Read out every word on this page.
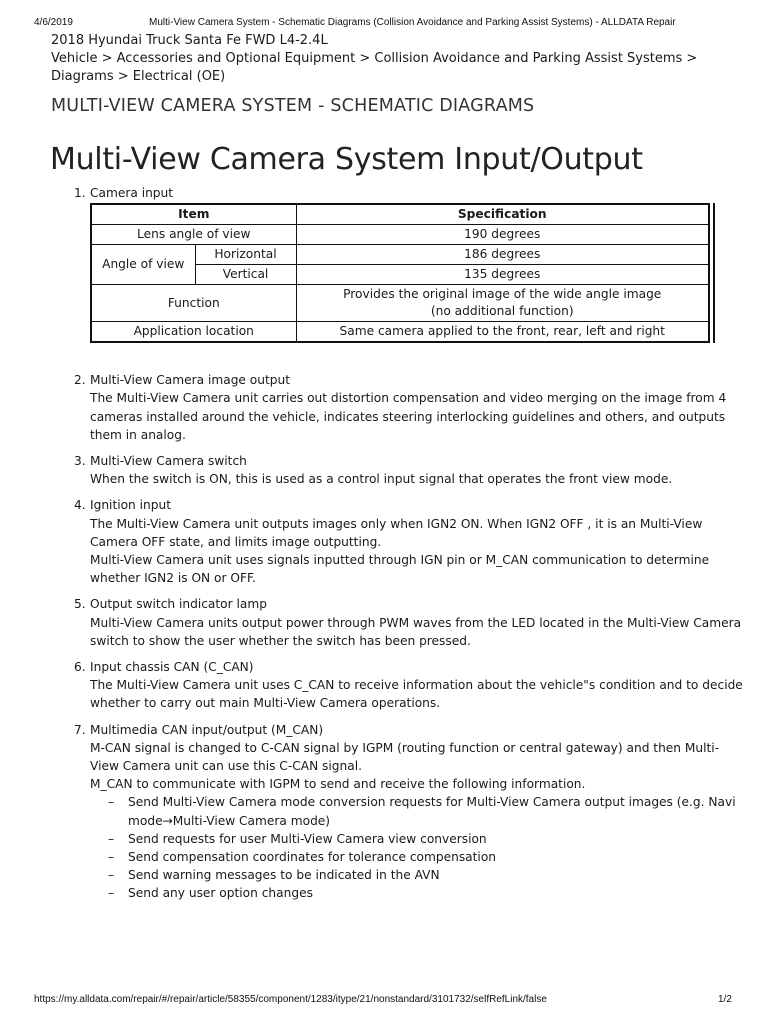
4/6/2019	Multi-View Camera System - Schematic Diagrams (Collision Avoidance and Parking Assist Systems) - ALLDATA Repair
2018 Hyundai Truck Santa Fe FWD L4-2.4L
Vehicle > Accessories and Optional Equipment > Collision Avoidance and Parking Assist Systems > Diagrams > Electrical (OE)
MULTI-VIEW CAMERA SYSTEM - SCHEMATIC DIAGRAMS
Multi-View Camera System Input/Output
1. Camera input

Item		Specification
Lens angle of view		190 degrees
Angle of view	Horizontal	186 degrees
	Vertical	135 degrees
Function		Provides the original image of the wide angle image
(no additional function)

Application location		Same camera applied to the front, rear, left and right
2. Multi-View Camera image output

The Multi-View Camera unit carries out distortion compensation and video merging on the image from 4 cameras installed around the vehicle, indicates steering interlocking guidelines and others, and outputs them in analog.

3. Multi-View Camera switch

When the switch is ON, this is used as a control input signal that operates the front view mode.

4. Ignition input

The Multi-View Camera unit outputs images only when IGN2 ON. When IGN2 OFF , it is an Multi-View Camera OFF state, and limits image outputting.

Multi-View Camera unit uses signals inputted through IGN pin or M_CAN communication to determine whether IGN2 is ON or OFF.

5. Output switch indicator lamp

Multi-View Camera units output power through PWM waves from the LED located in the Multi-View Camera switch to show the user whether the switch has been pressed.

6. Input chassis CAN (C_CAN)

The Multi-View Camera unit uses C_CAN to receive information about the vehicle"s condition and to decide whether to carry out main Multi-View Camera operations.

7. Multimedia CAN input/output (M_CAN)

M-CAN signal is changed to C-CAN signal by IGPM (routing function or central gateway) and then Multi-View Camera unit can use this C-CAN signal.

M_CAN to communicate with IGPM to send and receive the following information.

– Send Multi-View Camera mode conversion requests for Multi-View Camera output images (e.g. Navi mode→Multi-View Camera mode)
– Send requests for user Multi-View Camera view conversion
– Send compensation coordinates for tolerance compensation
– Send warning messages to be indicated in the AVN
– Send any user option changes
https://my.alldata.com/repair/#/repair/article/58355/component/1283/itype/21/nonstandard/3101732/selfRefLink/false	1/2
